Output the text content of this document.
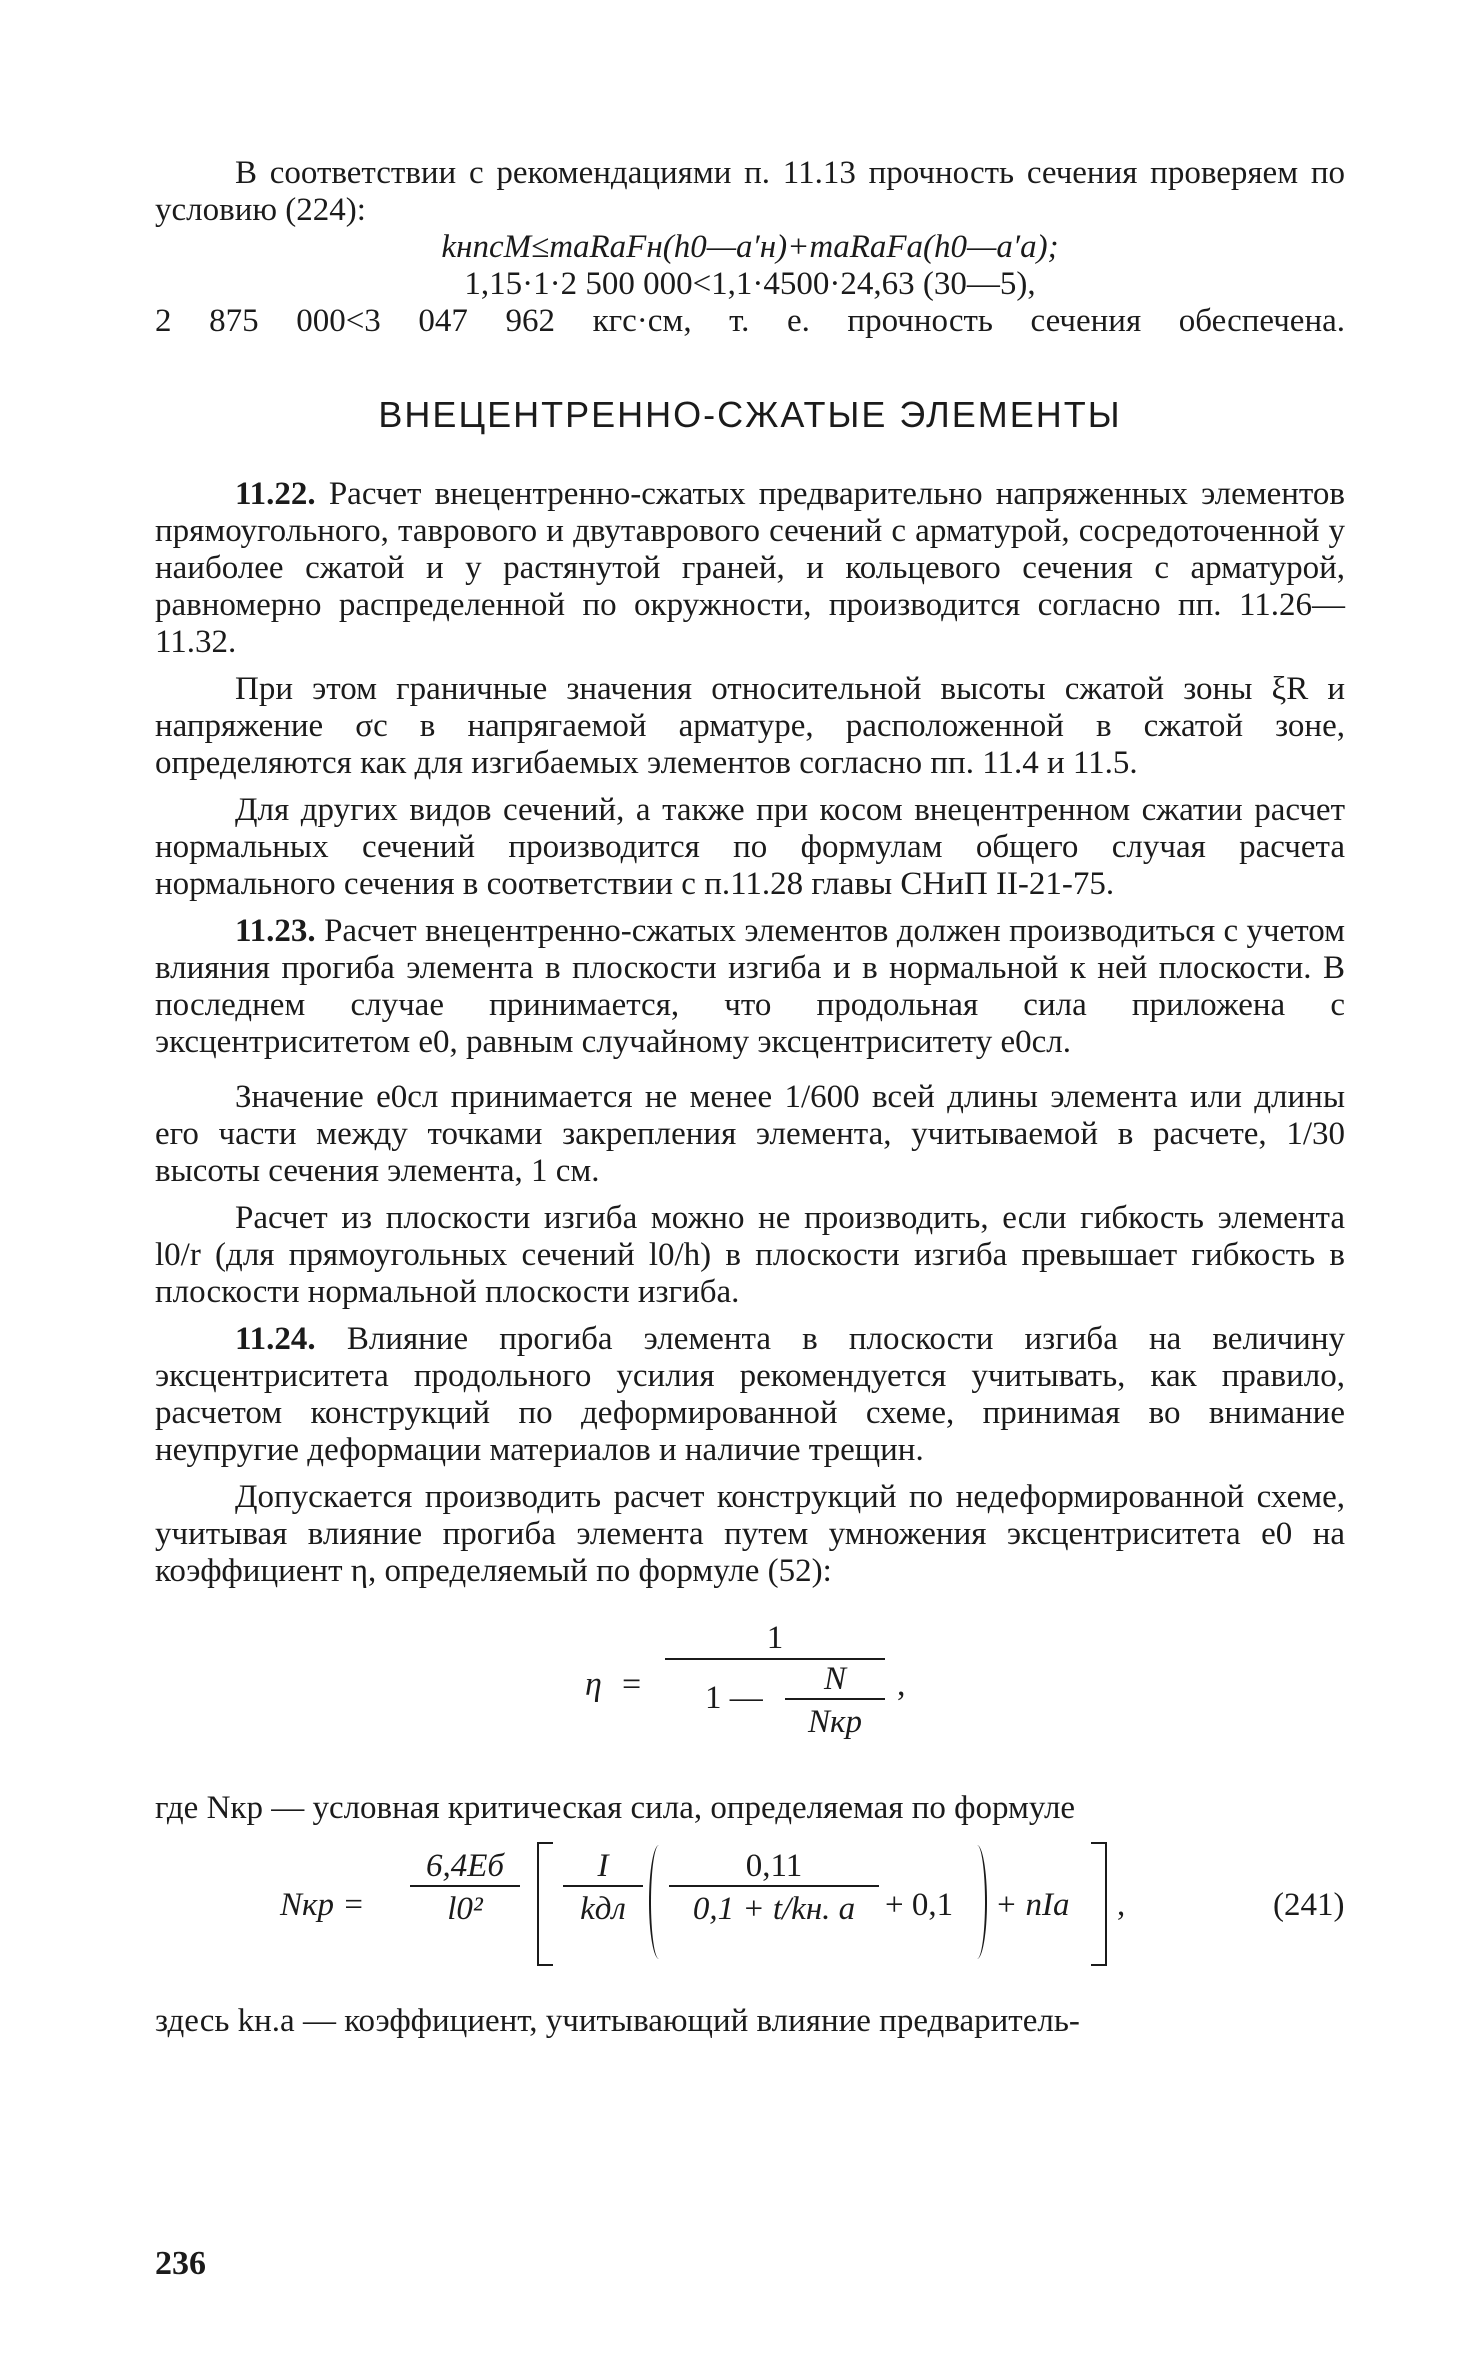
В соответствии с рекомендациями п. 11.13 прочность сечения проверяем по условию (224):

kнncM≤maRaFн(h0—a′н)+maRaFa(h0—a′a);
1,15·1·2 500 000<1,1·4500·24,63 (30—5),
2 875 000<3 047 962 кгс·см, т. е. прочность сечения обеспечена.
ВНЕЦЕНТРЕННО-СЖАТЫЕ ЭЛЕМЕНТЫ

11.22. Расчет внецентренно-сжатых предварительно напряженных элементов прямоугольного, таврового и двутаврового сечений с арматурой, сосредоточенной у наиболее сжатой и у растянутой граней, и кольцевого сечения с арматурой, равномерно распределенной по окружности, производится согласно пп. 11.26—11.32.

При этом граничные значения относительной высоты сжатой зоны ξR и напряжение σc в напрягаемой арматуре, расположенной в сжатой зоне, определяются как для изгибаемых элементов согласно пп. 11.4 и 11.5.

Для других видов сечений, а также при косом внецентренном сжатии расчет нормальных сечений производится по формулам общего случая расчета нормального сечения в соответствии с п.11.28 главы СНиП II-21-75.

11.23. Расчет внецентренно-сжатых элементов должен производиться с учетом влияния прогиба элемента в плоскости изгиба и в нормальной к ней плоскости. В последнем случае принимается, что продольная сила приложена с эксцентриситетом e0, равным случайному эксцентриситету e0сл.

Значение e0сл принимается не менее 1/600 всей длины элемента или длины его части между точками закрепления элемента, учитываемой в расчете, 1/30 высоты сечения элемента, 1 см.

Расчет из плоскости изгиба можно не производить, если гибкость элемента l0/r (для прямоугольных сечений l0/h) в плоскости изгиба превышает гибкость в плоскости нормальной плоскости изгиба.

11.24. Влияние прогиба элемента в плоскости изгиба на величину эксцентриситета продольного усилия рекомендуется учитывать, как правило, расчетом конструкций по деформированной схеме, принимая во внимание неупругие деформации материалов и наличие трещин.

Допускается производить расчет конструкций по недеформированной схеме, учитывая влияние прогиба элемента путем умножения эксцентриситета e0 на коэффициент η, определяемый по формуле (52):

η =
1
1 —
N
Nкр
,

где Nкр — условная критическая сила, определяемая по формуле

Nкр =
6,4Eб
l0²
I
kдл
0,11
0,1 + t/kн. а + 0,1 + nIa ,	(241)

здесь kн.а — коэффициент, учитывающий влияние предваритель-

236
